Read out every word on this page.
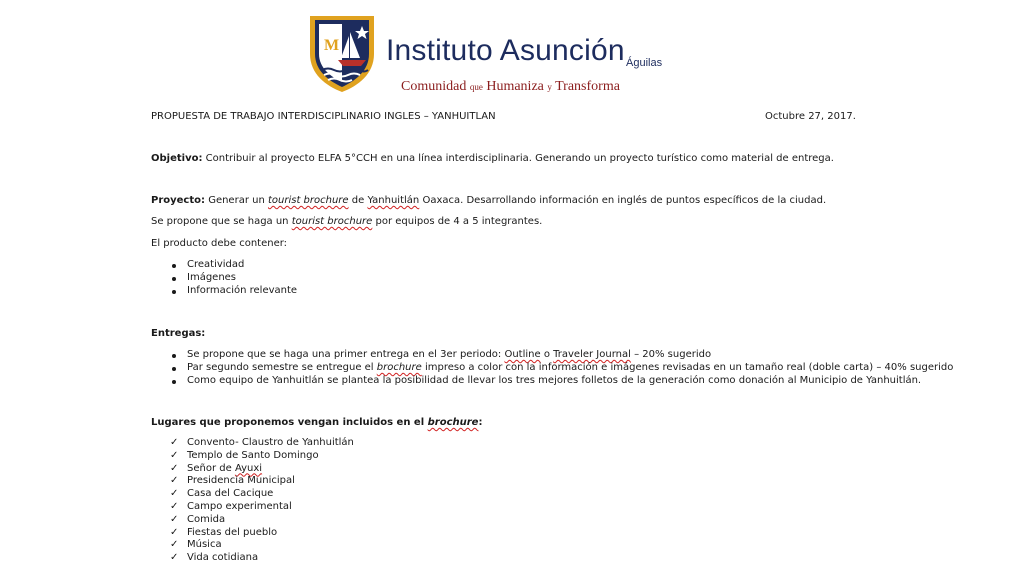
M Instituto Asunción Águilas
Comunidad que Humaniza y Transforma
PROPUESTA DE TRABAJO INTERDISCIPLINARIO INGLES – YANHUITLAN	Octubre 27, 2017.
Objetivo: Contribuir al proyecto ELFA 5°CCH en una línea interdisciplinaria. Generando un proyecto turístico como material de entrega.
Proyecto: Generar un tourist brochure de Yanhuitlán Oaxaca. Desarrollando información en inglés de puntos específicos de la ciudad.
Se propone que se haga un tourist brochure por equipos de 4 a 5 integrantes.
El producto debe contener:
Creatividad
Imágenes
Información relevante
Entregas:
Se propone que se haga una primer entrega en el 3er periodo: Outline o Traveler Journal – 20% sugerido
Par segundo semestre se entregue el brochure impreso a color con la información e imágenes revisadas en un tamaño real (doble carta) – 40% sugerido
Como equipo de Yanhuitlán se plantea la posibilidad de llevar los tres mejores folletos de la generación como donación al Municipio de Yanhuitlán.
Lugares que proponemos vengan incluidos en el brochure:
✓ Convento- Claustro de Yanhuitlán
✓ Templo de Santo Domingo
✓ Señor de Ayuxi
✓ Presidencia Municipal
✓ Casa del Cacique
✓ Campo experimental
✓ Comida
✓ Fiestas del pueblo
✓ Música
✓ Vida cotidiana
